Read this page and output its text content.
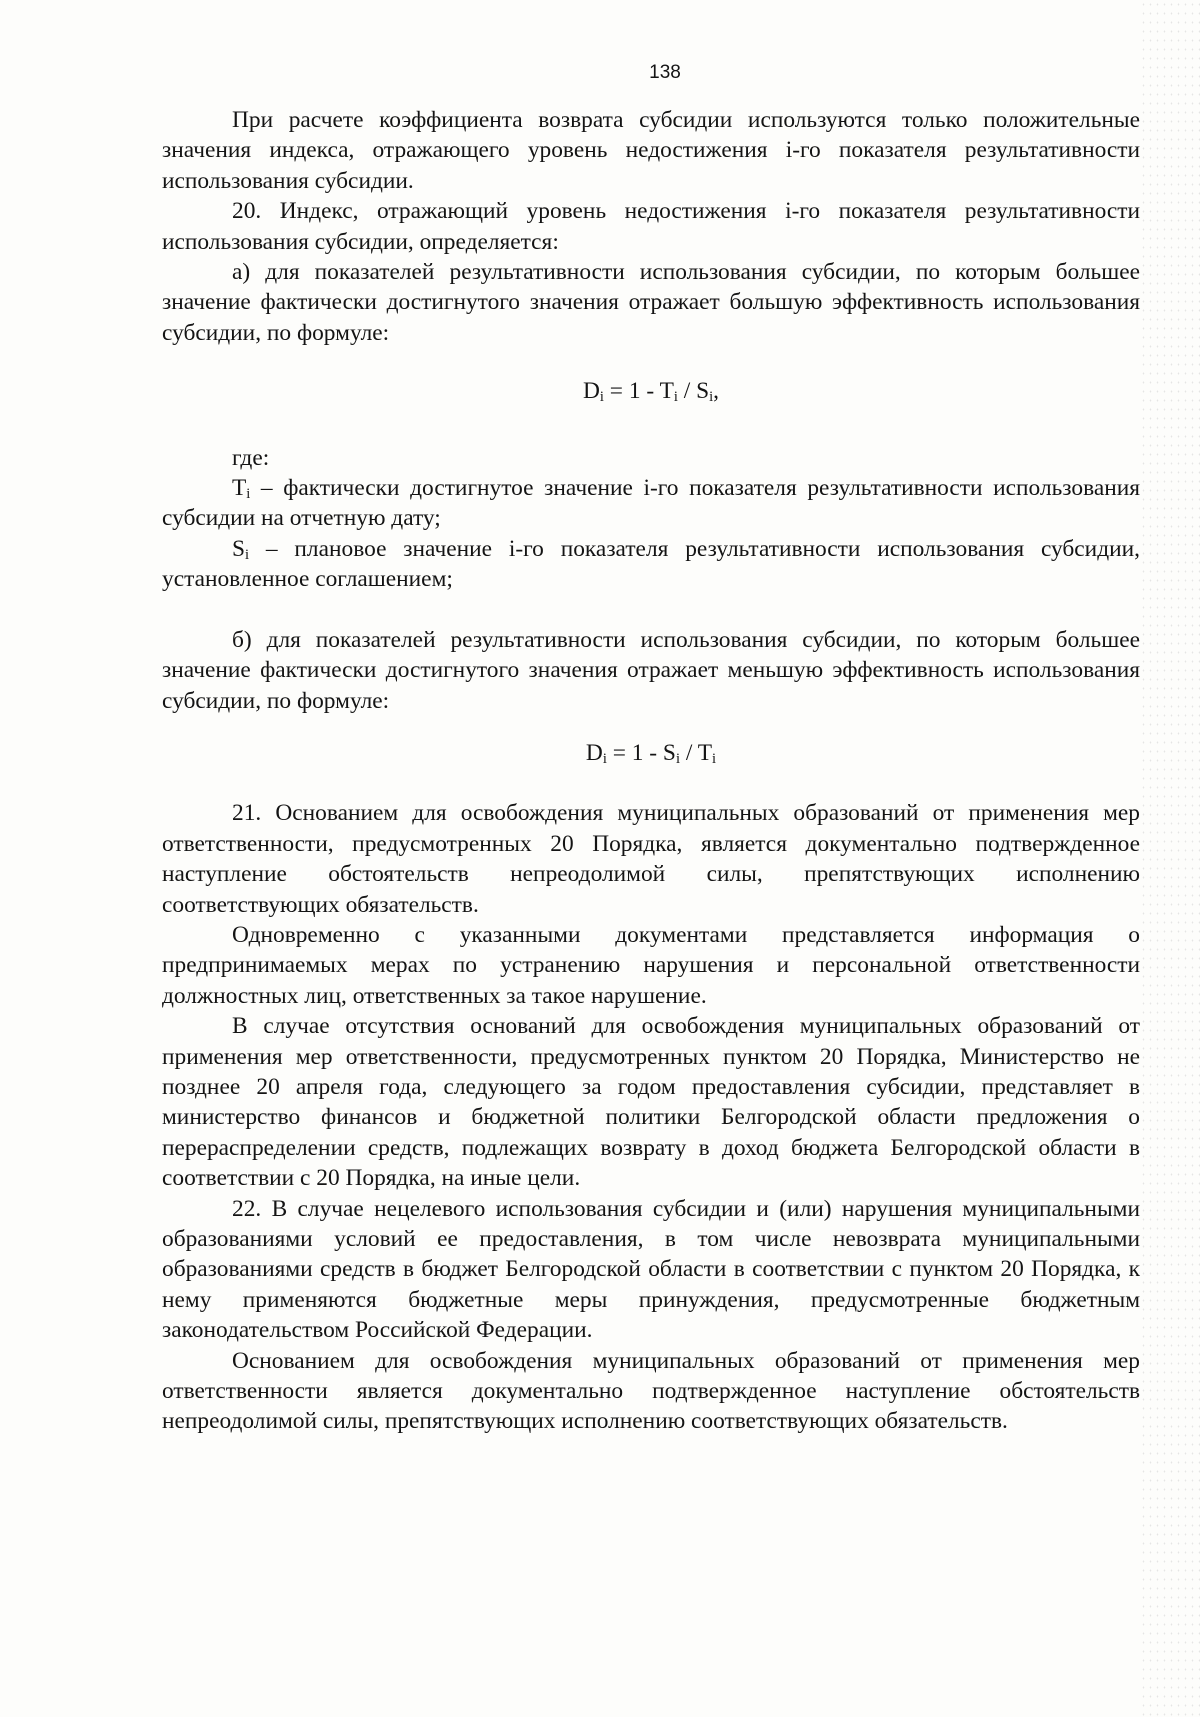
138

При расчете коэффициента возврата субсидии используются только положительные значения индекса, отражающего уровень недостижения i-го показателя результативности использования субсидии.

20. Индекс, отражающий уровень недостижения i-го показателя результативности использования субсидии, определяется:

а) для показателей результативности использования субсидии, по которым большее значение фактически достигнутого значения отражает большую эффективность использования субсидии, по формуле:

$D_i = 1 - T_i / S_i$,

где:

$T_i$ – фактически достигнутое значение i-го показателя результативности использования субсидии на отчетную дату;

$S_i$ – плановое значение i-го показателя результативности использования субсидии, установленное соглашением;

б) для показателей результативности использования субсидии, по которым большее значение фактически достигнутого значения отражает меньшую эффективность использования субсидии, по формуле:

$D_i = 1 - S_i / T_i$

21. Основанием для освобождения муниципальных образований от применения мер ответственности, предусмотренных 20 Порядка, является документально подтвержденное наступление обстоятельств непреодолимой силы, препятствующих исполнению соответствующих обязательств.

Одновременно с указанными документами представляется информация о предпринимаемых мерах по устранению нарушения и персональной ответственности должностных лиц, ответственных за такое нарушение.

В случае отсутствия оснований для освобождения муниципальных образований от применения мер ответственности, предусмотренных пунктом 20 Порядка, Министерство не позднее 20 апреля года, следующего за годом предоставления субсидии, представляет в министерство финансов и бюджетной политики Белгородской области предложения о перераспределении средств, подлежащих возврату в доход бюджета Белгородской области в соответствии с 20 Порядка, на иные цели.

22. В случае нецелевого использования субсидии и (или) нарушения муниципальными образованиями условий ее предоставления, в том числе невозврата муниципальными образованиями средств в бюджет Белгородской области в соответствии с пунктом 20 Порядка, к нему применяются бюджетные меры принуждения, предусмотренные бюджетным законодательством Российской Федерации.

Основанием для освобождения муниципальных образований от применения мер ответственности является документально подтвержденное наступление обстоятельств непреодолимой силы, препятствующих исполнению соответствующих обязательств.
